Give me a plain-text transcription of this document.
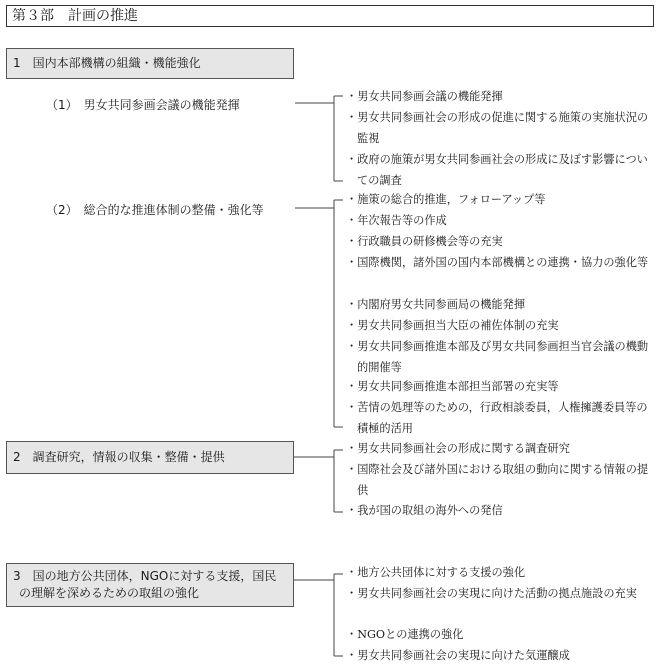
第３部　計画の推進
1　国内本部機構の組織・機能強化
（1）　男女共同参画会議の機能発揮
（2）　総合的な推進体制の整備・強化等
2　調査研究，情報の収集・整備・提供
3　国の地方公共団体，NGOに対する支援，国民
の理解を深めるための取組の強化
・男女共同参画会議の機能発揮
・男女共同参画社会の形成の促進に関する施策の実施状況の監視
・政府の施策が男女共同参画社会の形成に及ぼす影響についての調査
・施策の総合的推進，フォローアップ等
・年次報告等の作成
・行政職員の研修機会等の充実
・国際機関，諸外国の国内本部機構との連携・協力の強化等
・内閣府男女共同参画局の機能発揮
・男女共同参画担当大臣の補佐体制の充実
・男女共同参画推進本部及び男女共同参画担当官会議の機動的開催等
・男女共同参画推進本部担当部署の充実等
・苦情の処理等のための，行政相談委員，人権擁護委員等の積極的活用
・男女共同参画社会の形成に関する調査研究
・国際社会及び諸外国における取組の動向に関する情報の提供
・我が国の取組の海外への発信
・地方公共団体に対する支援の強化
・男女共同参画社会の実現に向けた活動の拠点施設の充実
・NGOとの連携の強化
・男女共同参画社会の実現に向けた気運醸成
